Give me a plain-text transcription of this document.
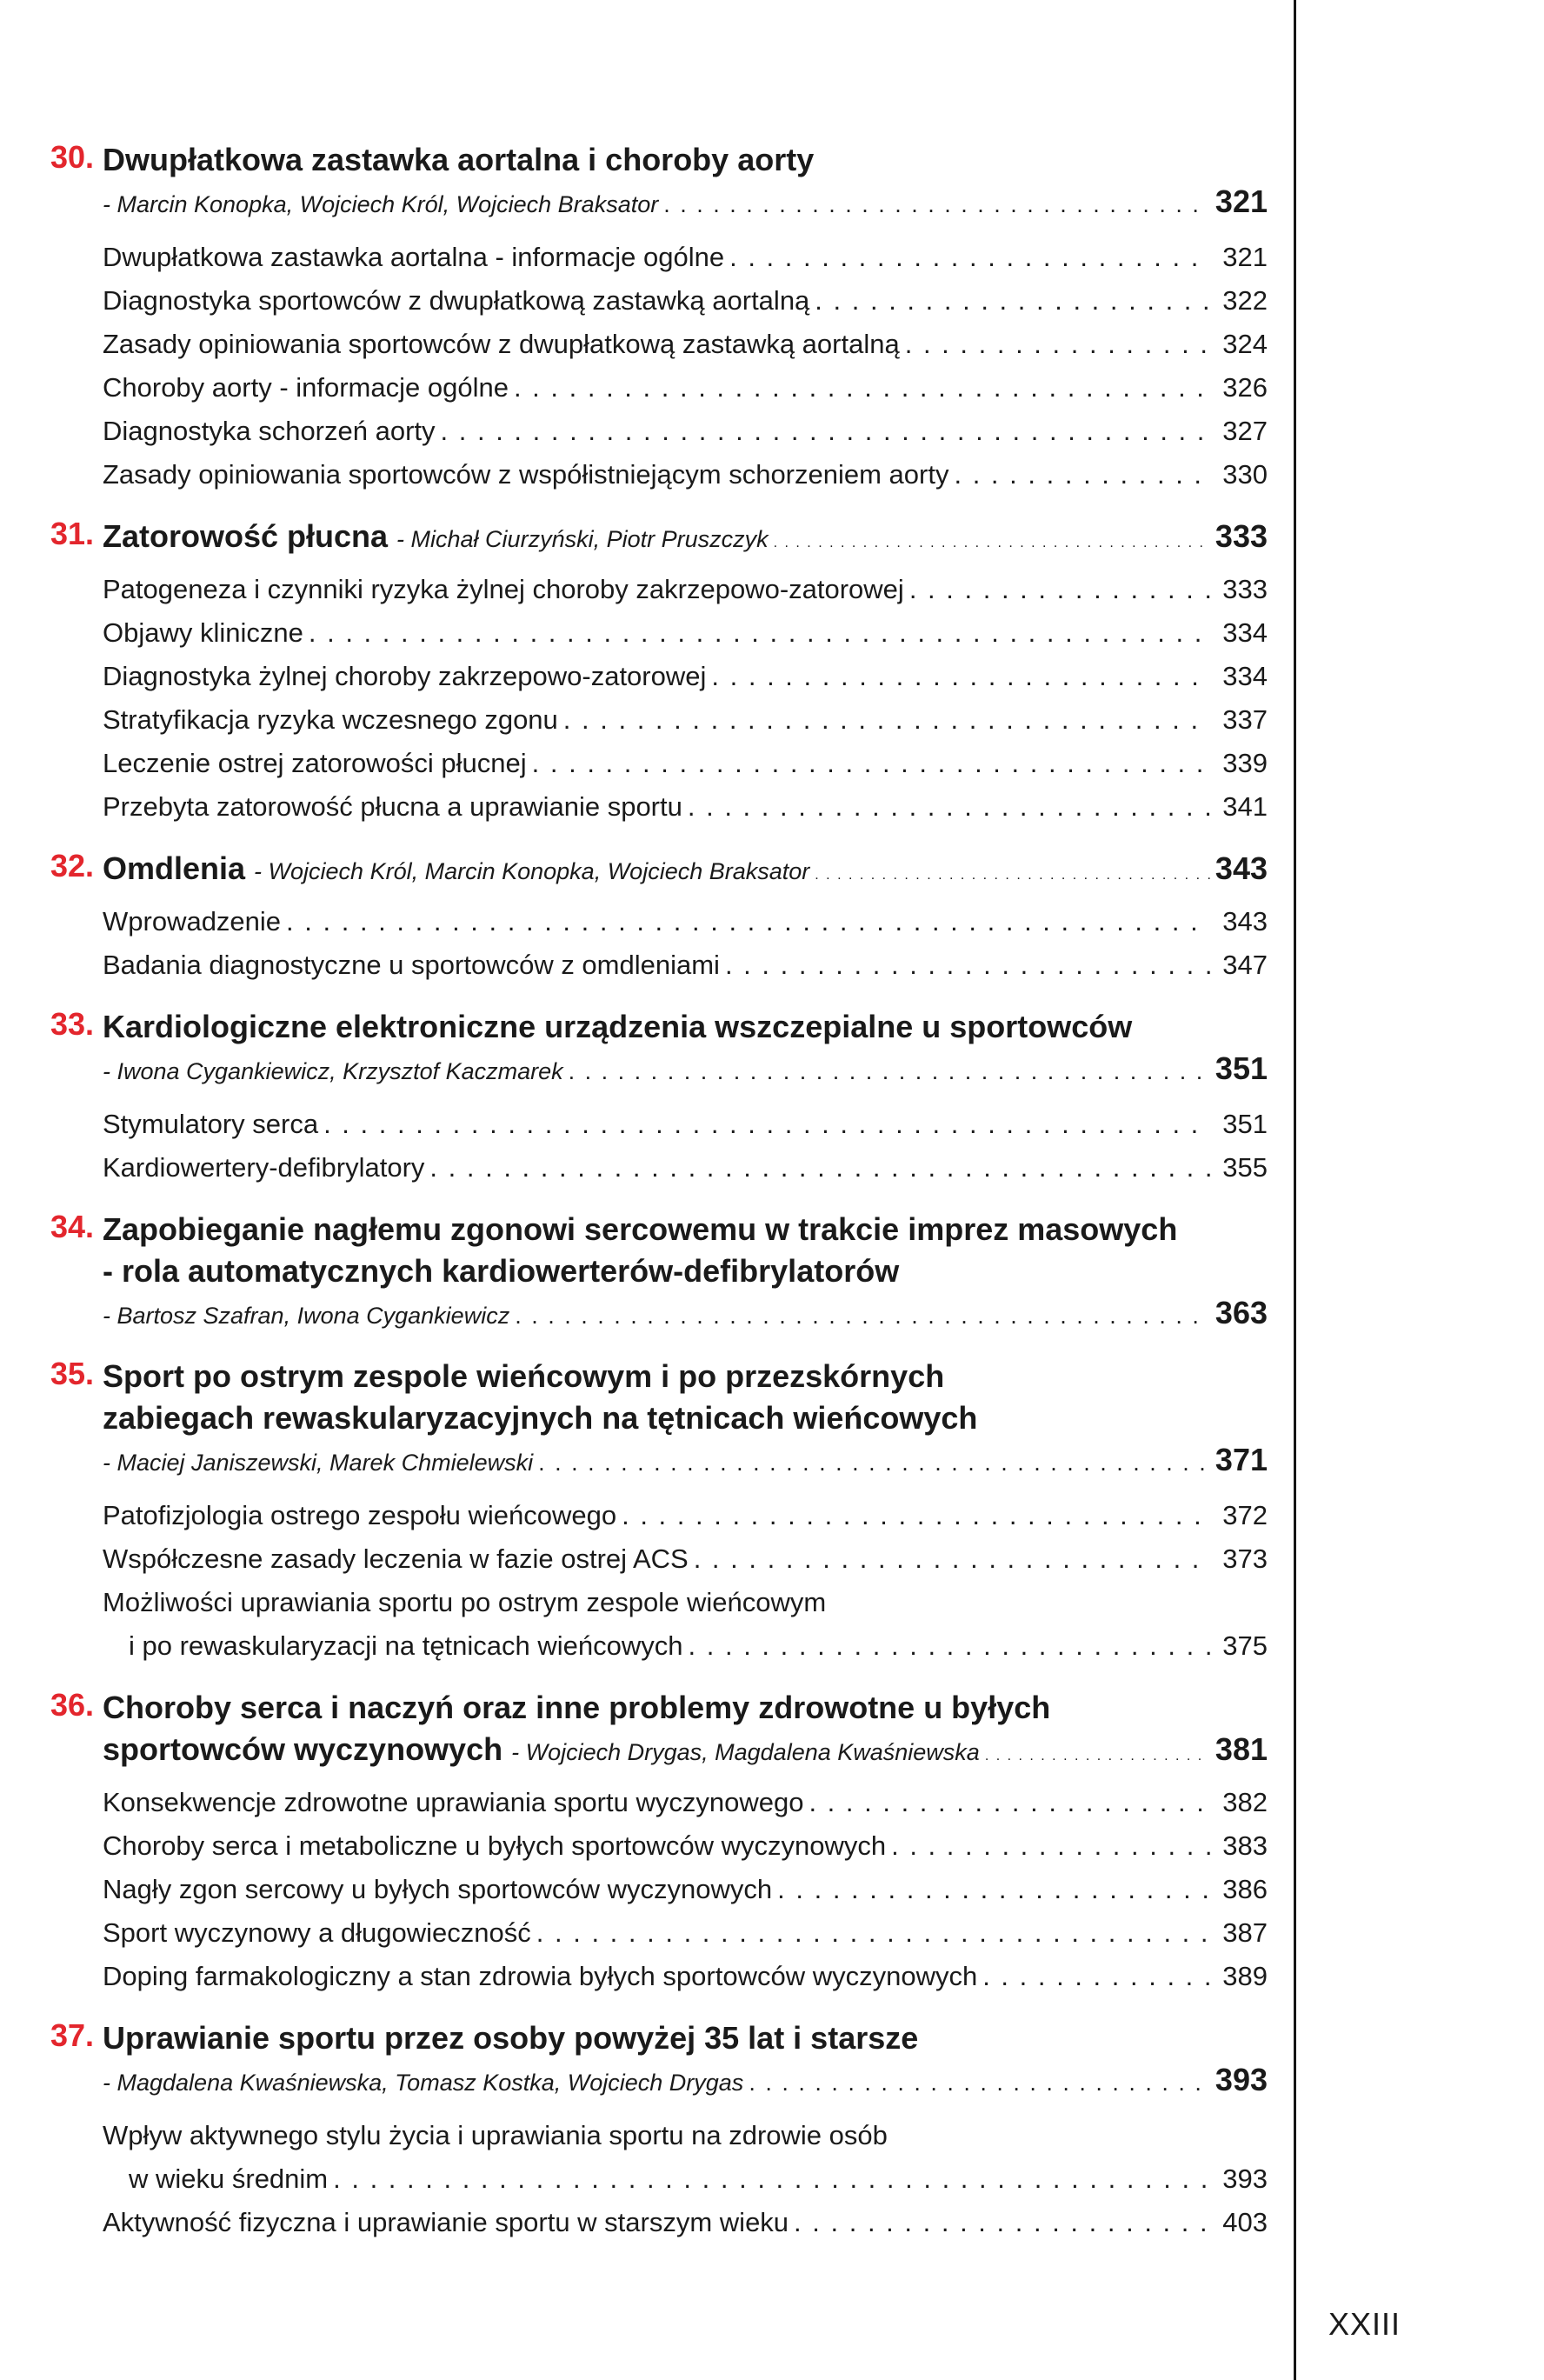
30. Dwupłatkowa zastawka aortalna i choroby aorty
- Marcin Konopka, Wojciech Król, Wojciech Braksator . . .	321
Dwupłatkowa zastawka aortalna - informacje ogólne . . .	321
Diagnostyka sportowców z dwupłatkową zastawką aortalną . . .	322
Zasady opiniowania sportowców z dwupłatkową zastawką aortalną . . .	324
Choroby aorty - informacje ogólne . . .	326
Diagnostyka schorzeń aorty . . .	327
Zasady opiniowania sportowców z współistniejącym schorzeniem aorty . . .	330
31. Zatorowość płucna - Michał Ciurzyński, Piotr Pruszczyk . . .	333
Patogeneza i czynniki ryzyka żylnej choroby zakrzepowo-zatorowej . . .	333
Objawy kliniczne . . .	334
Diagnostyka żylnej choroby zakrzepowo-zatorowej . . .	334
Stratyfikacja ryzyka wczesnego zgonu . . .	337
Leczenie ostrej zatorowości płucnej . . .	339
Przebyta zatorowość płucna a uprawianie sportu . . .	341
32. Omdlenia - Wojciech Król, Marcin Konopka, Wojciech Braksator . . .	343
Wprowadzenie . . .	343
Badania diagnostyczne u sportowców z omdleniami . . .	347
33. Kardiologiczne elektroniczne urządzenia wszczepialne u sportowców
- Iwona Cygankiewicz, Krzysztof Kaczmarek . . .	351
Stymulatory serca . . .	351
Kardiowertery-defibrylatory . . .	355
34. Zapobieganie nagłemu zgonowi sercowemu w trakcie imprez masowych
- rola automatycznych kardiowerterów-defibrylatorów
- Bartosz Szafran, Iwona Cygankiewicz . . .	363
35. Sport po ostrym zespole wieńcowym i po przezskórnych
zabiegach rewaskularyzacyjnych na tętnicach wieńcowych
- Maciej Janiszewski, Marek Chmielewski . . .	371
Patofizjologia ostrego zespołu wieńcowego . . .	372
Współczesne zasady leczenia w fazie ostrej ACS . . .	373
Możliwości uprawiania sportu po ostrym zespole wieńcowym
i po rewaskularyzacji na tętnicach wieńcowych . . .	375
36. Choroby serca i naczyń oraz inne problemy zdrowotne u byłych
sportowców wyczynowych - Wojciech Drygas, Magdalena Kwaśniewska . . .	381
Konsekwencje zdrowotne uprawiania sportu wyczynowego . . .	382
Choroby serca i metaboliczne u byłych sportowców wyczynowych . . .	383
Nagły zgon sercowy u byłych sportowców wyczynowych . . .	386
Sport wyczynowy a długowieczność . . .	387
Doping farmakologiczny a stan zdrowia byłych sportowców wyczynowych . . .	389
37. Uprawianie sportu przez osoby powyżej 35 lat i starsze
- Magdalena Kwaśniewska, Tomasz Kostka, Wojciech Drygas . . .	393
Wpływ aktywnego stylu życia i uprawiania sportu na zdrowie osób
w wieku średnim . . .	393
Aktywność fizyczna i uprawianie sportu w starszym wieku . . .	403
XXIII
